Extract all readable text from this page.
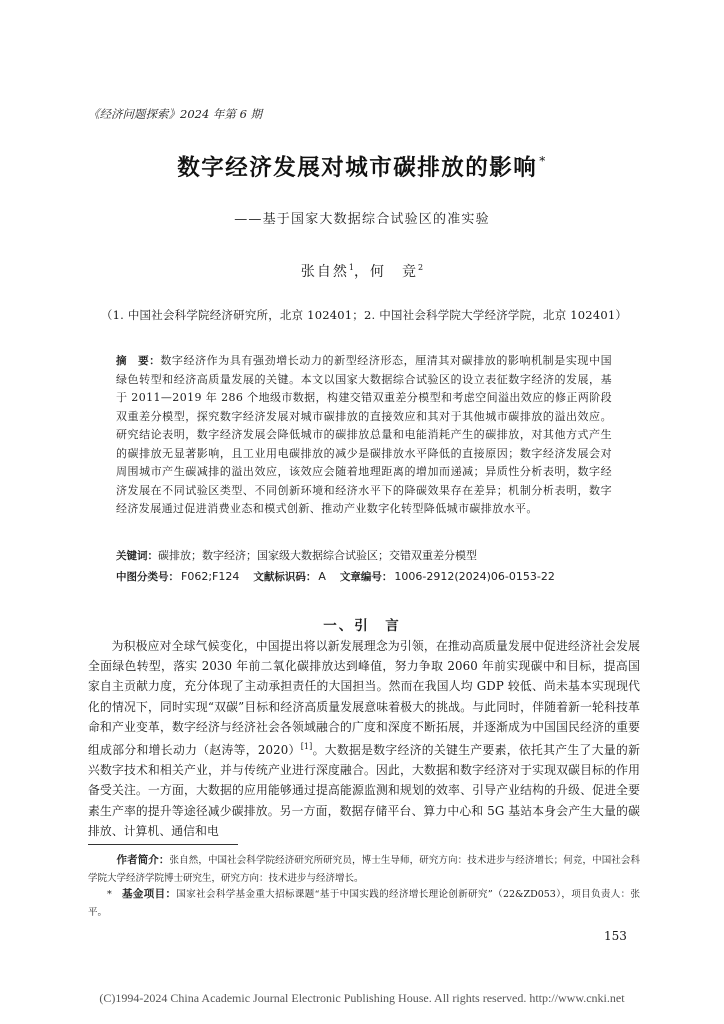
《经济问题探索》2024 年第 6 期
数字经济发展对城市碳排放的影响 *
——基于国家大数据综合试验区的准实验
张自然$^1$，何　竞$^2$
（1. 中国社会科学院经济研究所，北京 102401；2. 中国社会科学院大学经济学院，北京 102401）
摘　要：数字经济作为具有强劲增长动力的新型经济形态，厘清其对碳排放的影响机制是实现中国绿色转型和经济高质量发展的关键。本文以国家大数据综合试验区的设立表征数字经济的发展，基于 2011—2019 年 286 个地级市数据，构建交错双重差分模型和考虑空间溢出效应的修正两阶段双重差分模型，探究数字经济发展对城市碳排放的直接效应和其对于其他城市碳排放的溢出效应。研究结论表明，数字经济发展会降低城市的碳排放总量和电能消耗产生的碳排放，对其他方式产生的碳排放无显著影响，且工业用电碳排放的减少是碳排放水平降低的直接原因；数字经济发展会对周围城市产生碳减排的溢出效应，该效应会随着地理距离的增加而递减；异质性分析表明，数字经济发展在不同试验区类型、不同创新环境和经济水平下的降碳效果存在差异；机制分析表明，数字经济发展通过促进消费业态和模式创新、推动产业数字化转型降低城市碳排放水平。
关键词：碳排放；数字经济；国家级大数据综合试验区；交错双重差分模型
中图分类号： F062;F124 文献标识码： A 文章编号： 1006-2912(2024)06-0153-22
一、引　言

为积极应对全球气候变化，中国提出将以新发展理念为引领，在推动高质量发展中促进经济社会发展全面绿色转型，落实 2030 年前二氧化碳排放达到峰值，努力争取 2060 年前实现碳中和目标，提高国家自主贡献力度，充分体现了主动承担责任的大国担当。然而在我国人均 GDP 较低、尚未基本实现现代化的情况下，同时实现“双碳”目标和经济高质量发展意味着极大的挑战。与此同时，伴随着新一轮科技革命和产业变革，数字经济与经济社会各领域融合的广度和深度不断拓展，并逐渐成为中国国民经济的重要组成部分和增长动力（赵涛等，2020）[1]。大数据是数字经济的关键生产要素，依托其产生了大量的新兴数字技术和相关产业，并与传统产业进行深度融合。因此，大数据和数字经济对于实现双碳目标的作用备受关注。一方面，大数据的应用能够通过提高能源监测和规划的效率、引导产业结构的升级、促进全要素生产率的提升等途径减少碳排放。另一方面，数据存储平台、算力中心和 5G 基站本身会产生大量的碳排放、计算机、通信和电

作者简介：张自然，中国社会科学院经济研究所研究员，博士生导师，研究方向：技术进步与经济增长；何竞，中国社会科学院大学经济学院博士研究生，研究方向：技术进步与经济增长。
*　基金项目：国家社会科学基金重大招标课题“基于中国实践的经济增长理论创新研究”（22&ZD053），项目负责人：张平。
153
(C)1994-2024 China Academic Journal Electronic Publishing House. All rights reserved. http://www.cnki.net
